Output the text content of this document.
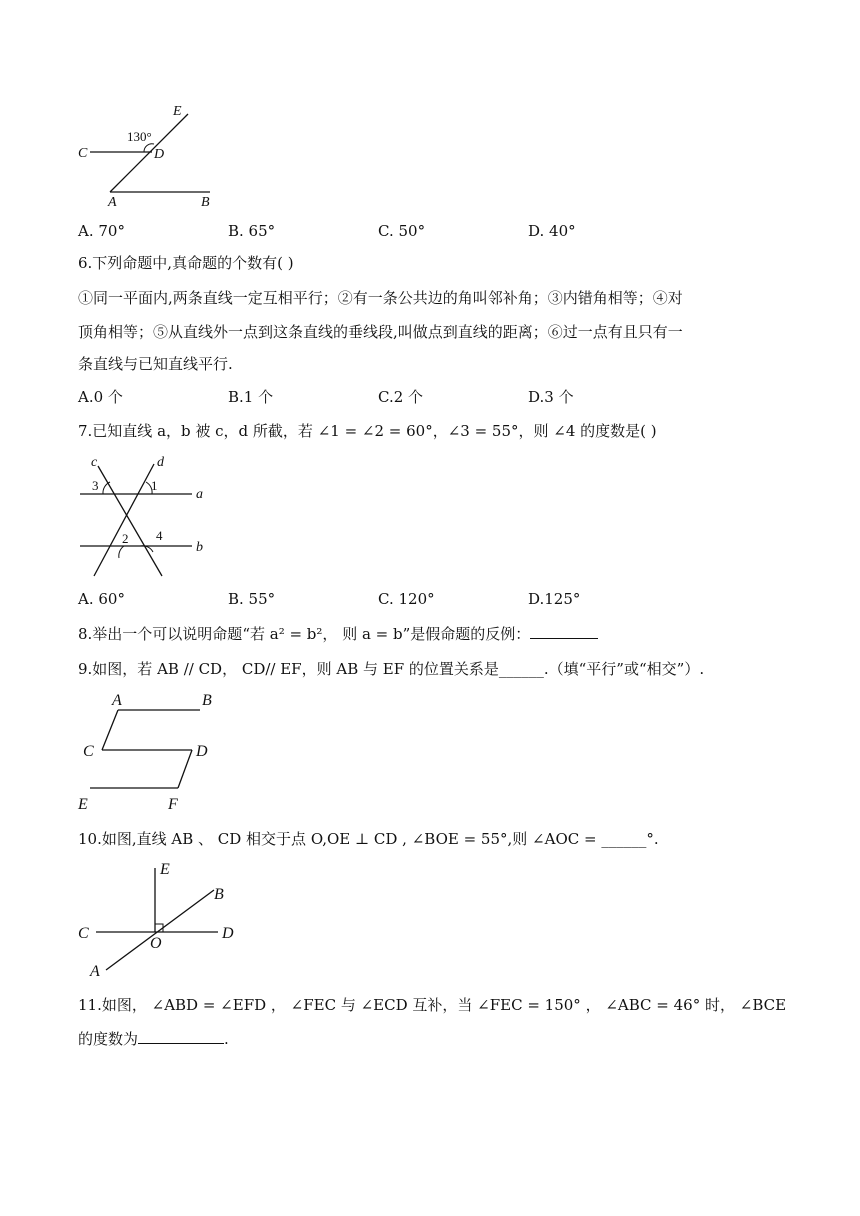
130°
E
C	D
A	B
A. 70°	B. 65°	C. 50°	D. 40°
6.下列命题中,真命题的个数有( )
①同一平面内,两条直线一定互相平行；②有一条公共边的角叫邻补角；③内错角相等；④对
顶角相等；⑤从直线外一点到这条直线的垂线段,叫做点到直线的距离；⑥过一点有且只有一
条直线与已知直线平行.
A.0 个	B.1 个	C.2 个	D.3 个
7.已知直线 a，b 被 c，d 所截，若 ∠1 = ∠2 = 60°，∠3 = 55°，则 ∠4 的度数是( )
c	d
3	1
a
2 4
b
A. 60°	B. 55°	C. 120°	D.125°
8.举出一个可以说明命题“若 a² = b²， 则 a = b”是假命题的反例：
9.如图，若 AB // CD， CD// EF，则 AB 与 EF 的位置关系是______.（填“平行”或“相交”）.
A	B
C	D
E	F
10.如图,直线 AB 、 CD 相交于点 O,OE ⊥ CD , ∠BOE = 55°,则 ∠AOC = ______°.
E
B
C
O
D
A
11.如图， ∠ABD = ∠EFD ， ∠FEC 与 ∠ECD 互补，当 ∠FEC = 150° ， ∠ABC = 46° 时， ∠BCE
的度数为	.
